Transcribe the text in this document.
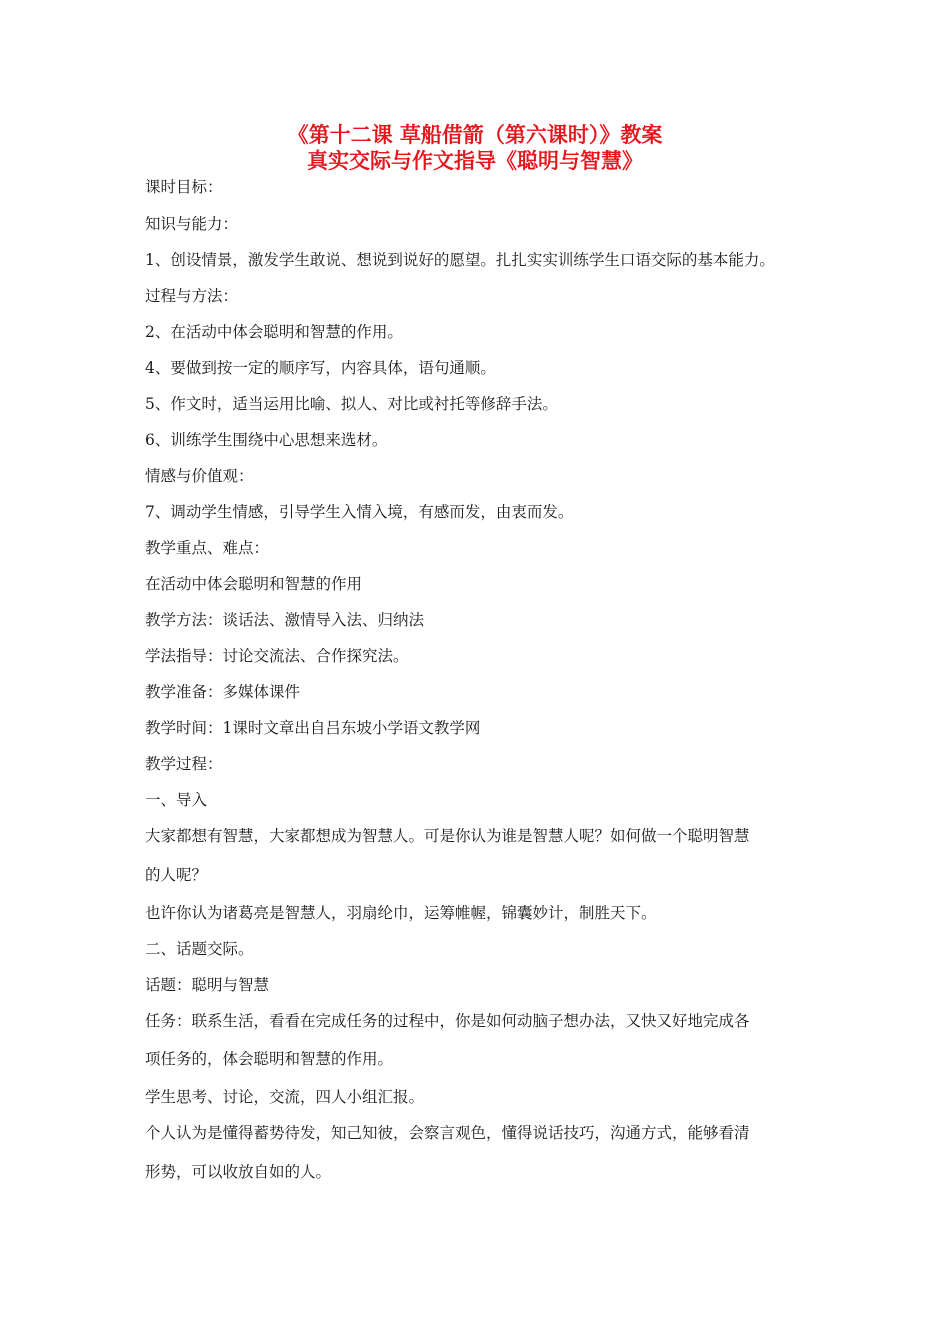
《第十二课 草船借箭（第六课时）》教案
真实交际与作文指导《聪明与智慧》
课时目标：
知识与能力：
1、创设情景，激发学生敢说、想说到说好的愿望。扎扎实实训练学生口语交际的基本能力。
过程与方法：
2、在活动中体会聪明和智慧的作用。
4、要做到按一定的顺序写，内容具体，语句通顺。
5、作文时，适当运用比喻、拟人、对比或衬托等修辞手法。
6、训练学生围绕中心思想来选材。
情感与价值观：
7、调动学生情感，引导学生入情入境，有感而发，由衷而发。
教学重点、难点：
在活动中体会聪明和智慧的作用
教学方法：谈话法、激情导入法、归纳法
学法指导：讨论交流法、合作探究法。
教学准备：多媒体课件
教学时间：1课时文章出自吕东坡小学语文教学网
教学过程：
一、导入
大家都想有智慧，大家都想成为智慧人。可是你认为谁是智慧人呢？如何做一个聪明智慧
的人呢？
也许你认为诸葛亮是智慧人，羽扇纶巾，运筹帷幄，锦囊妙计，制胜天下。
二、话题交际。
话题：聪明与智慧
任务：联系生活，看看在完成任务的过程中，你是如何动脑子想办法，又快又好地完成各
项任务的，体会聪明和智慧的作用。
学生思考、讨论，交流，四人小组汇报。
个人认为是懂得蓄势待发，知己知彼，会察言观色，懂得说话技巧，沟通方式，能够看清
形势，可以收放自如的人。
